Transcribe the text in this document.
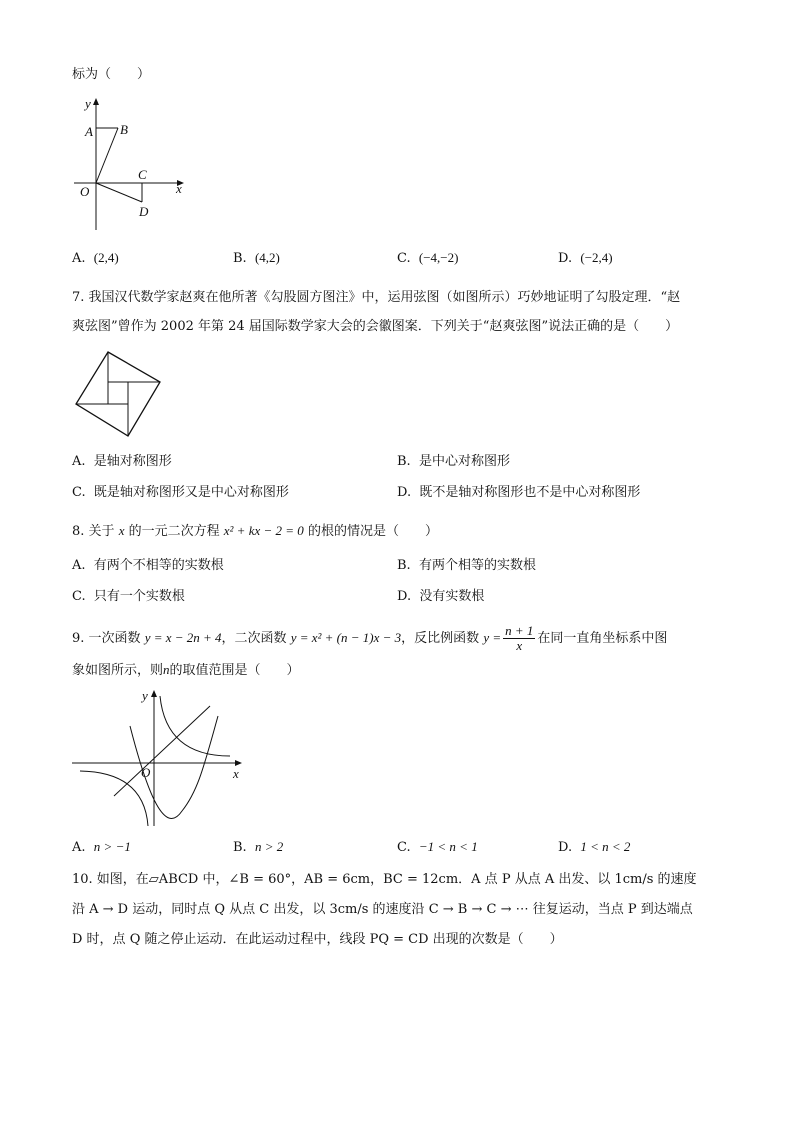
标为（　　）
y
x
A B
C
D
O
A. (2,4)	B. (4,2)	C. (−4,−2)	D. (−2,4)
7. 我国汉代数学家赵爽在他所著《勾股圆方图注》中，运用弦图（如图所示）巧妙地证明了勾股定理．“赵
爽弦图”曾作为 2002 年第 24 届国际数学家大会的会徽图案．下列关于“赵爽弦图”说法正确的是（　　）
A. 是轴对称图形	B. 是中心对称图形
C. 既是轴对称图形又是中心对称图形	D. 既不是轴对称图形也不是中心对称图形
8. 关于 x 的一元二次方程 x² + kx − 2 = 0 的根的情况是（　　）
A. 有两个不相等的实数根	B. 有两个相等的实数根
C. 只有一个实数根	D. 没有实数根
9. 一次函数 y = x − 2n + 4，二次函数 y = x² + (n − 1)x − 3，反比例函数 $y = \frac{n + 1}{x}$ 在同一直角坐标系中图
象如图所示，则n的取值范围是（　　）
y
x
O
A. n > −1	B. n > 2	C. −1 < n < 1	D. 1 < n < 2
10. 如图，在▱ABCD 中，∠B = 60°，AB = 6cm，BC = 12cm．A 点 P 从点 A 出发、以 1cm/s 的速度
沿 A → D 运动，同时点 Q 从点 C 出发，以 3cm/s 的速度沿 C → B → C → ⋯ 往复运动，当点 P 到达端点
D 时，点 Q 随之停止运动．在此运动过程中，线段 PQ = CD 出现的次数是（　　）
